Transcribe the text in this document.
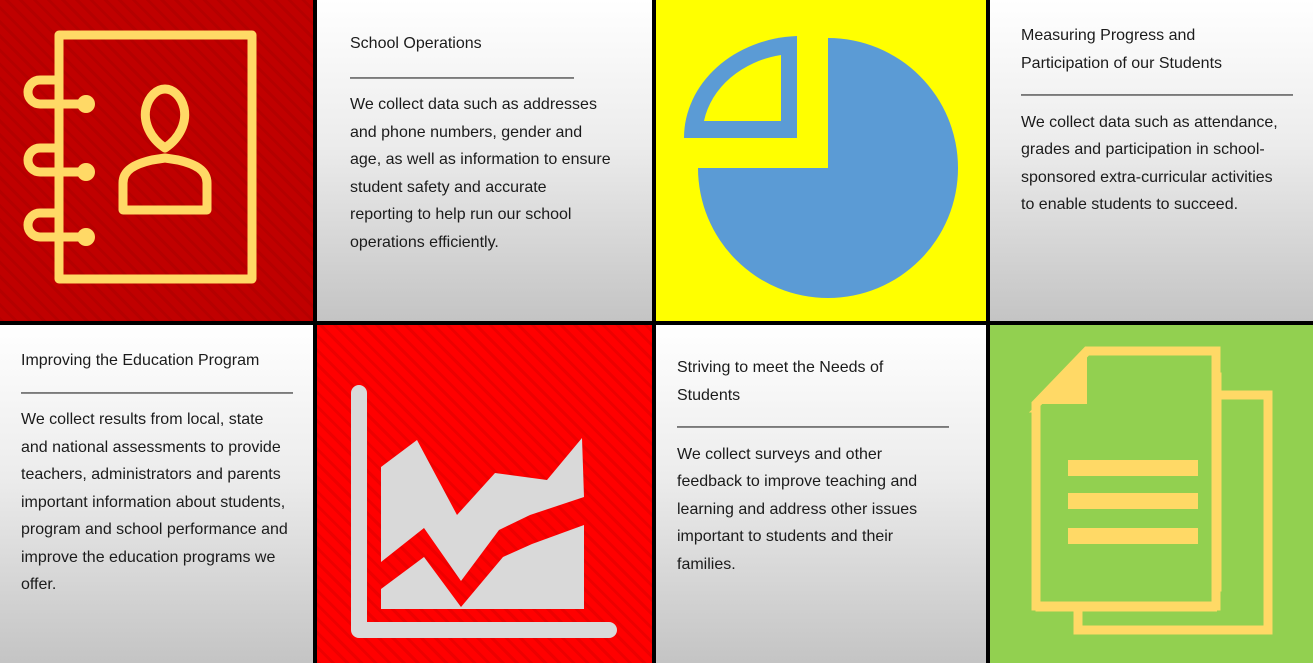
School Operations

——————————————

We collect data such as addresses and phone numbers, gender and age, as well as information to ensure student safety and accurate reporting to help run our school operations efficiently.

Measuring Progress and Participation of our Students

—————————————————

We collect data such as attendance, grades and participation in school-sponsored extra-curricular activities to enable students to succeed.

Improving the Education Program

—————————————————

We collect results from local, state and national assessments to provide teachers, administrators and parents important information about students, program and school performance and improve the education programs we offer.

Striving to meet the Needs of Students

—————————————————

We collect surveys and other feedback to improve teaching and learning and address other issues important to students and their families.
